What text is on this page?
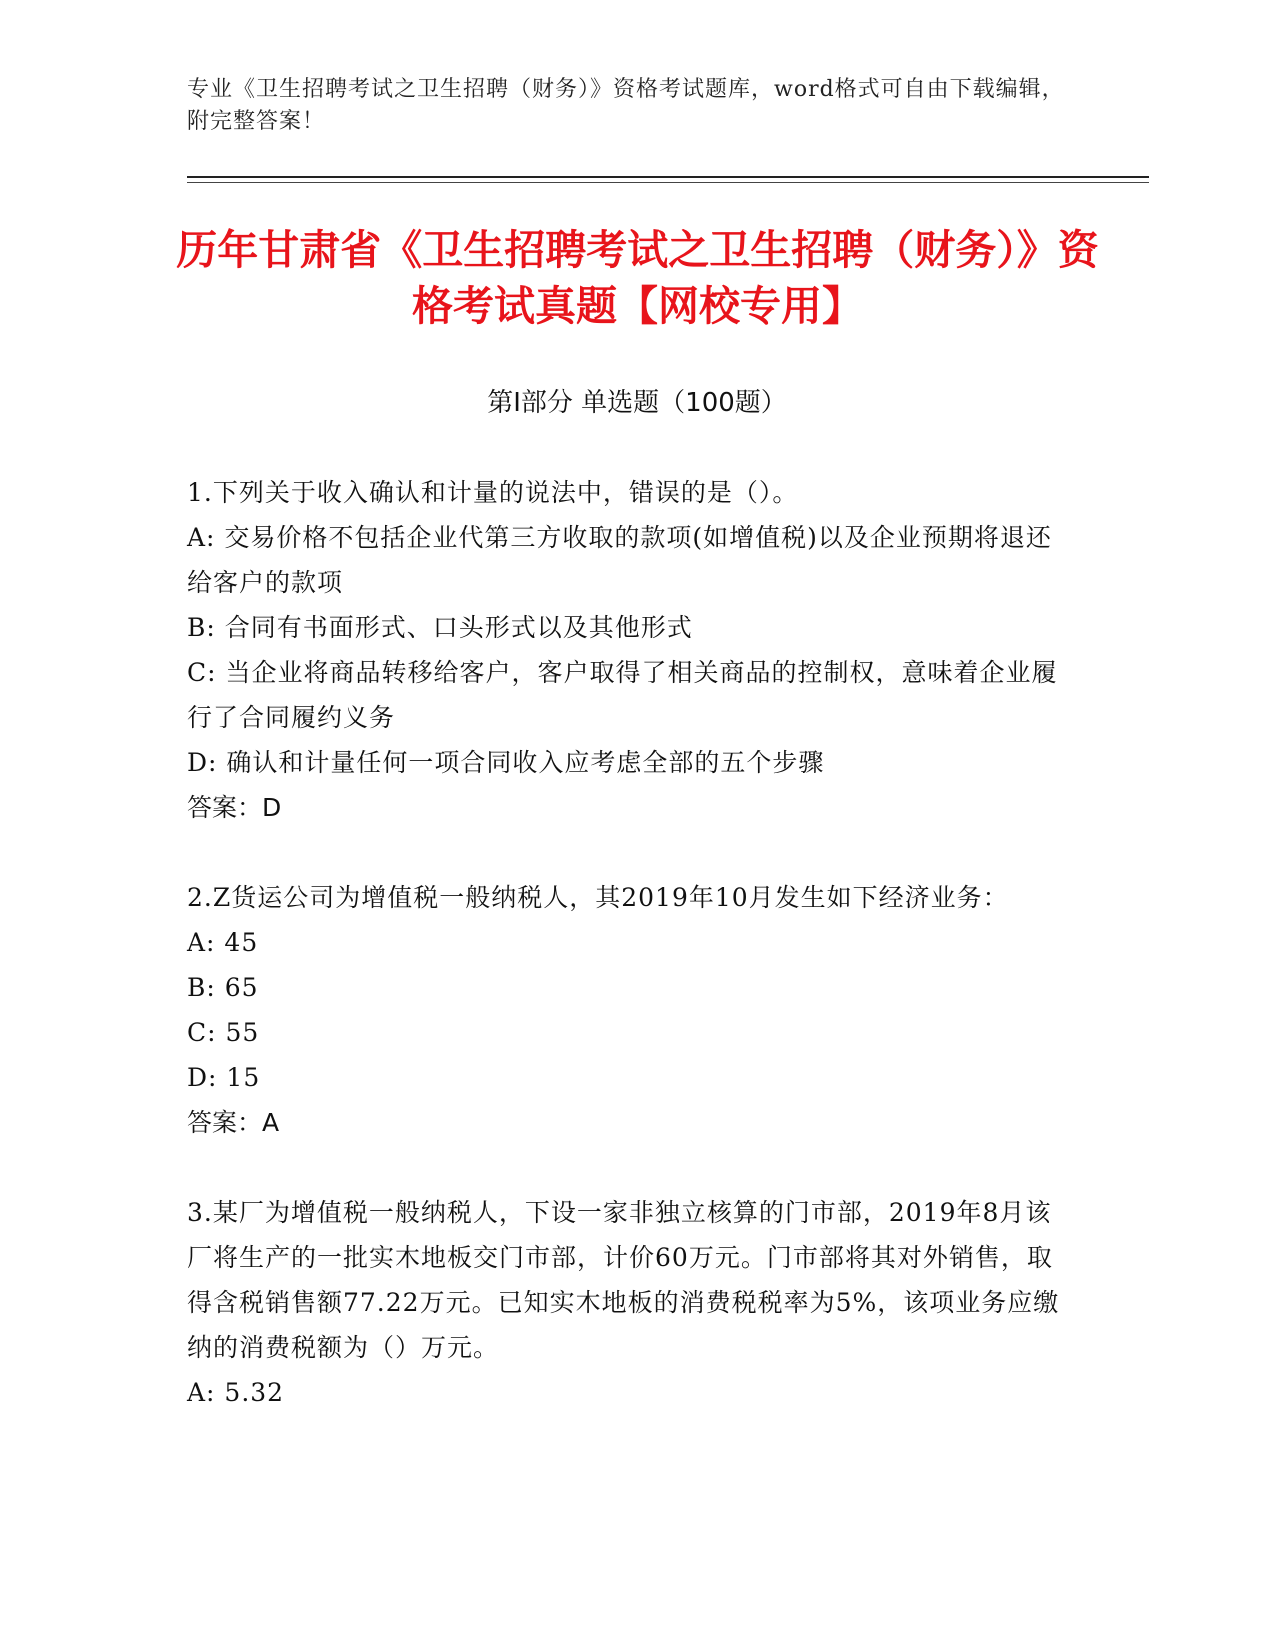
专业《卫生招聘考试之卫生招聘（财务）》资格考试题库，word格式可自由下载编辑，附完整答案！
历年甘肃省《卫生招聘考试之卫生招聘（财务）》资格考试真题【网校专用】
第I部分 单选题（100题）

1.下列关于收入确认和计量的说法中，错误的是（）。

A: 交易价格不包括企业代第三方收取的款项(如增值税)以及企业预期将退还给客户的款项

B: 合同有书面形式、口头形式以及其他形式

C: 当企业将商品转移给客户，客户取得了相关商品的控制权，意味着企业履行了合同履约义务

D: 确认和计量任何一项合同收入应考虑全部的五个步骤

答案：D

2.Z货运公司为增值税一般纳税人，其2019年10月发生如下经济业务：

A: 45

B: 65

C: 55

D: 15

答案：A

3.某厂为增值税一般纳税人，下设一家非独立核算的门市部，2019年8月该厂将生产的一批实木地板交门市部，计价60万元。门市部将其对外销售，取得含税销售额77.22万元。已知实木地板的消费税税率为5%，该项业务应缴纳的消费税额为（）万元。

A: 5.32
